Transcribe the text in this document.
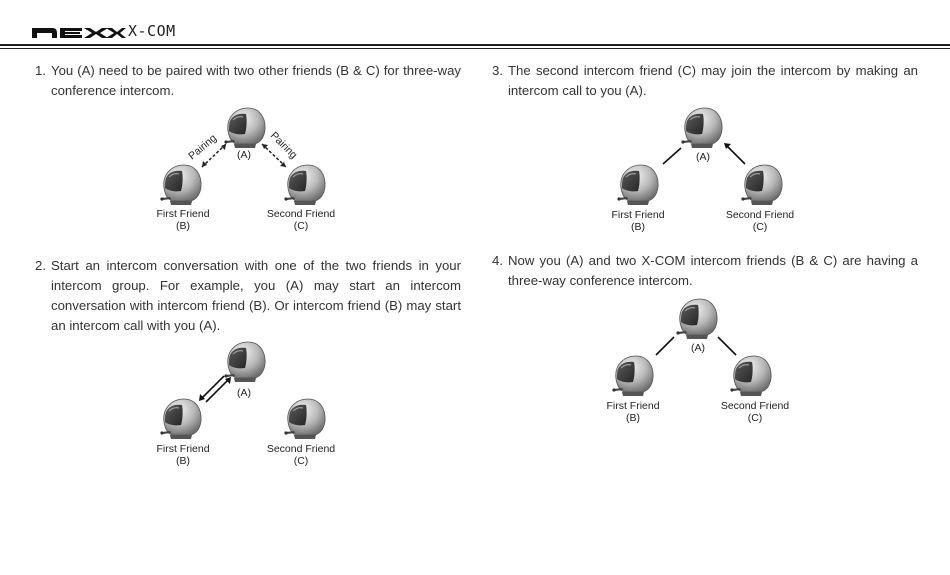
X-COM
1. You (A) need to be paired with two other friends (B & C) for three-way conference intercom.
(A)
First Friend
(B)
Second Friend
(C)
Pairing	Pairing
2. Start an intercom conversation with one of the two friends in your intercom group. For example, you (A) may start an intercom conversation with intercom friend (B). Or intercom friend (B) may start an intercom call with you (A).
(A)
First Friend
(B)
Second Friend
(C)
3. The second intercom friend (C) may join the intercom by making an intercom call to you (A).
(A)
First Friend
(B)
Second Friend
(C)
4. Now you (A) and two X-COM intercom friends (B & C) are having a three-way conference intercom.
(A)
First Friend
(B)
Second Friend
(C)
